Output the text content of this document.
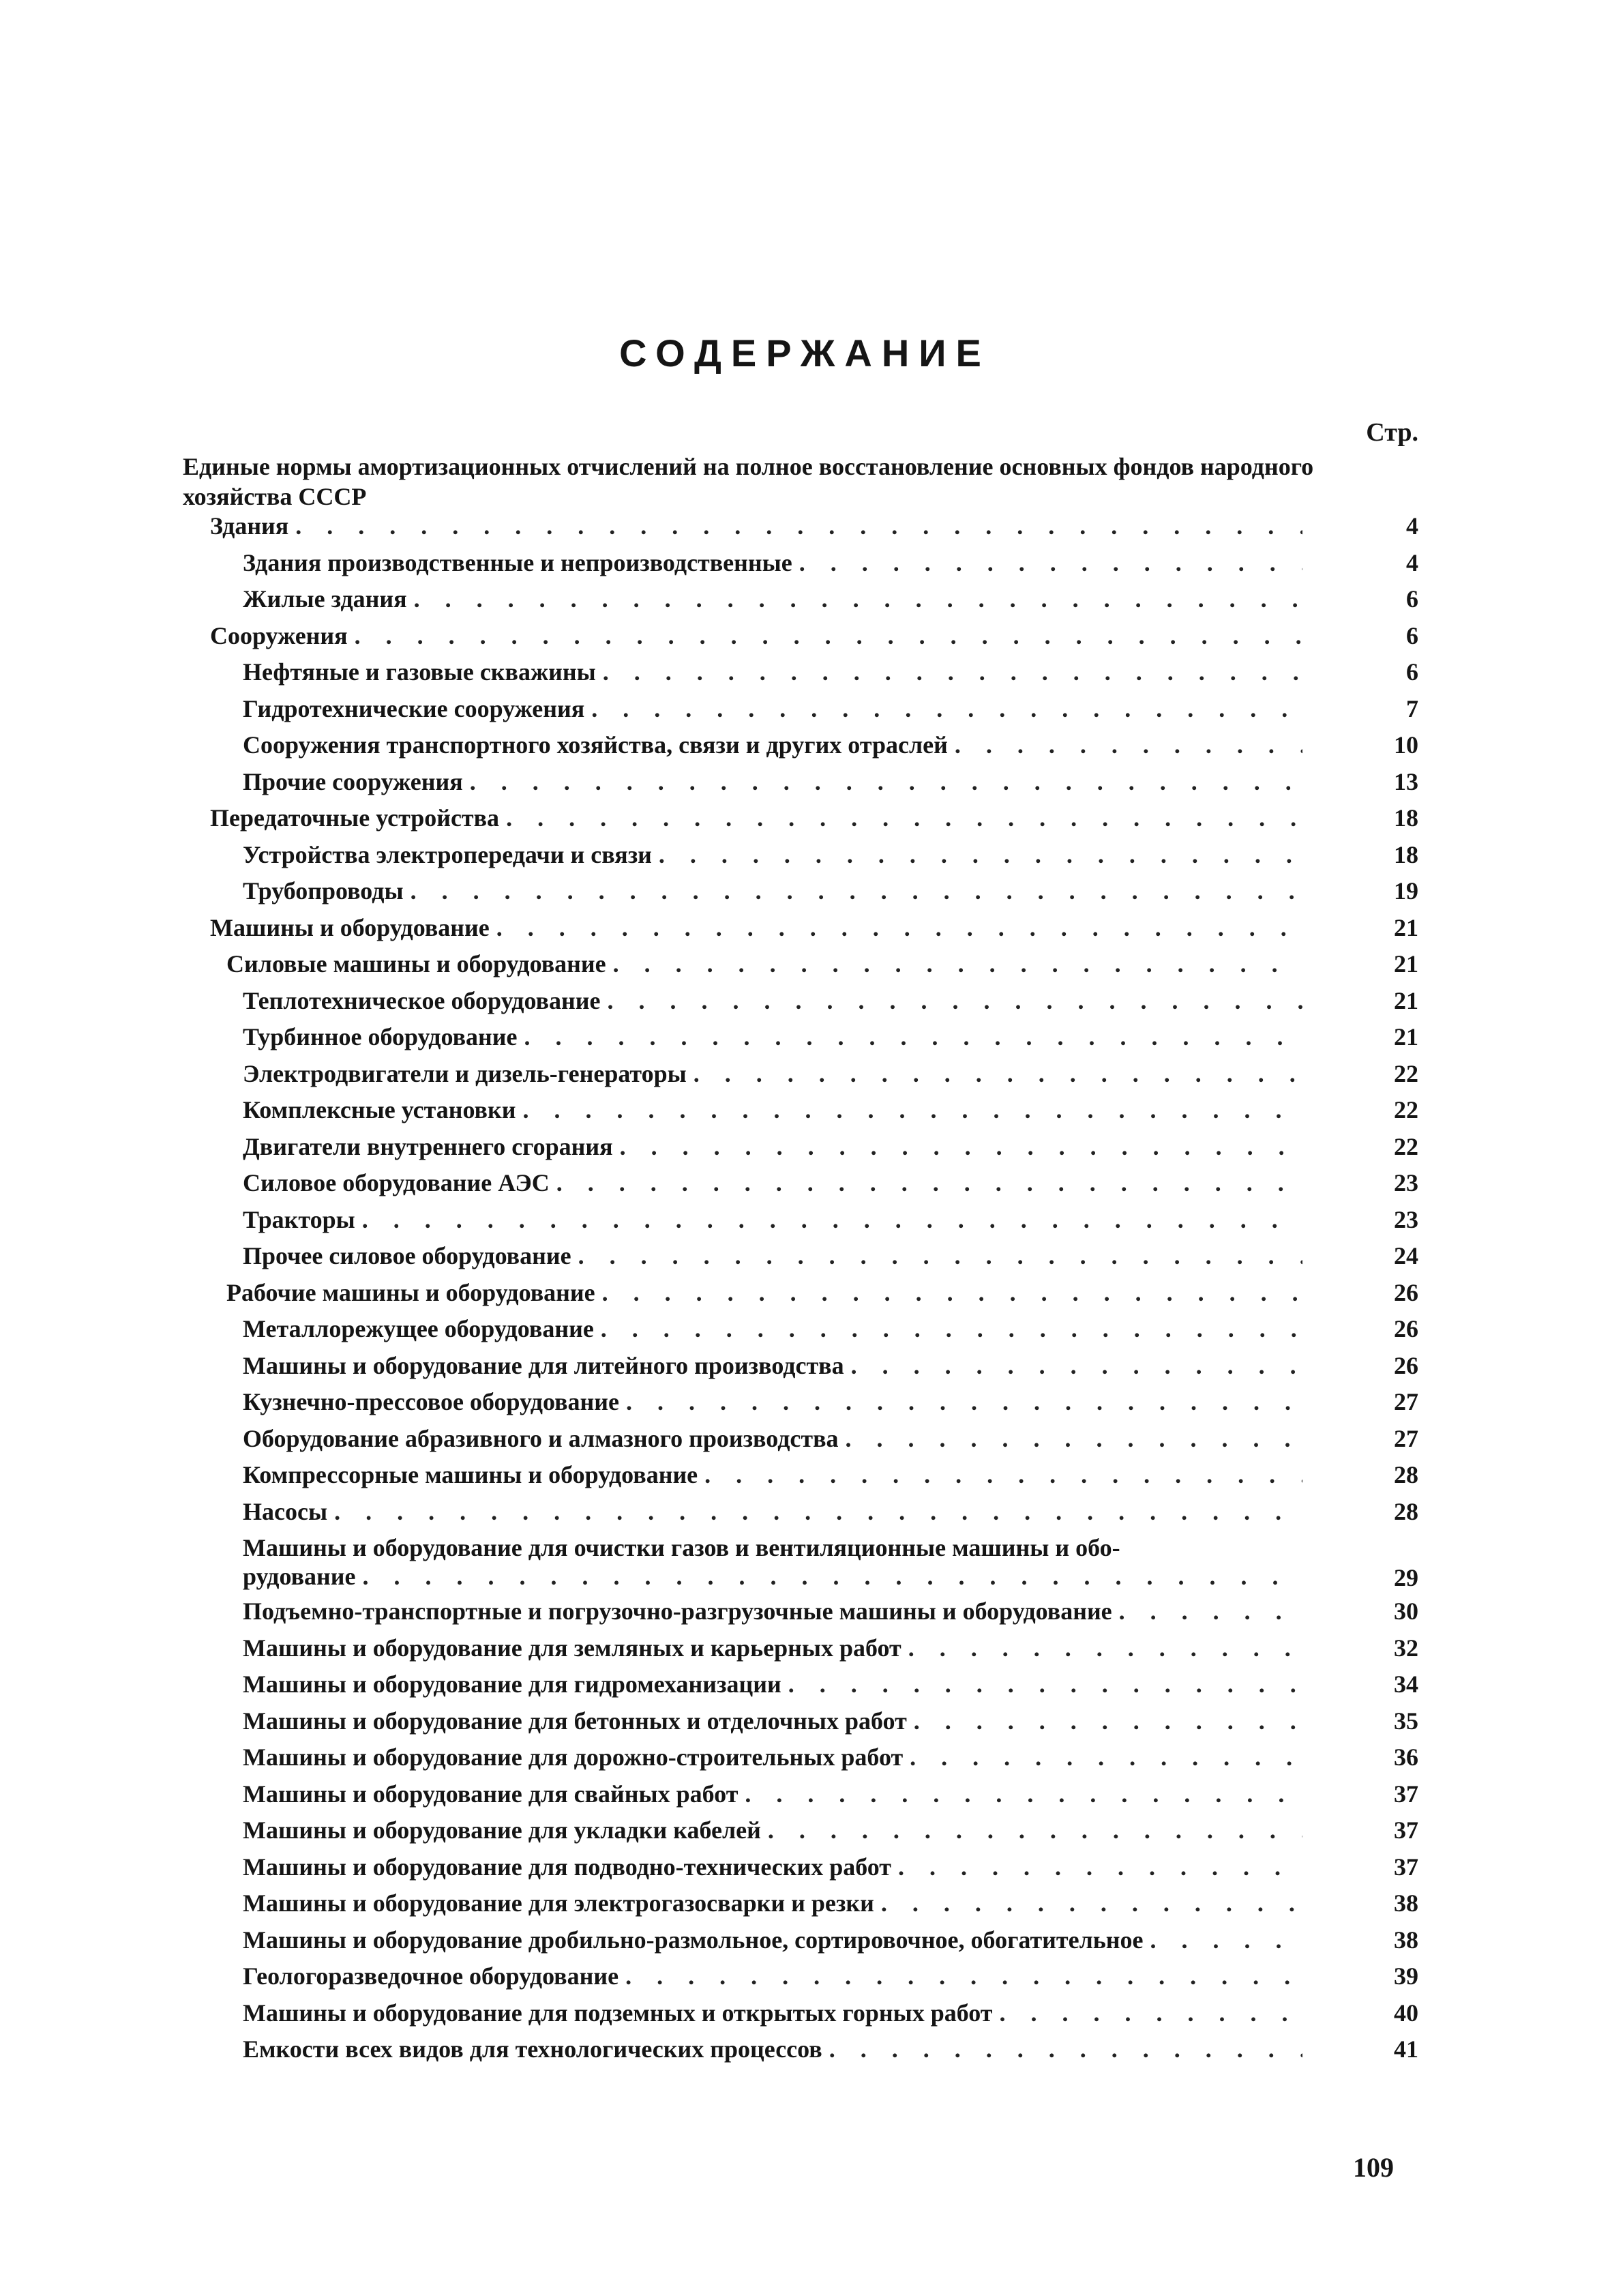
СОДЕРЖАНИЕ
Стр.
Единые нормы амортизационных отчислений на полное восстановление основных фондов народного хозяйства СССР
Здания . . .	4
Здания производственные и непроизводственные . . .	4
Жилые здания . . .	6
Сооружения . . .	6
Нефтяные и газовые скважины . . .	6
Гидротехнические сооружения . . .	7
Сооружения транспортного хозяйства, связи и других отраслей . . .	10
Прочие сооружения . . .	13
Передаточные устройства . . .	18
Устройства электропередачи и связи . . .	18
Трубопроводы . . .	19
Машины и оборудование . . .	21
Силовые машины и оборудование . . .	21
Теплотехническое оборудование . . .	21
Турбинное оборудование . . .	21
Электродвигатели и дизель-генераторы . . .	22
Комплексные установки . . .	22
Двигатели внутреннего сгорания . . .	22
Силовое оборудование АЭС . . .	23
Тракторы . . .	23
Прочее силовое оборудование . . .	24
Рабочие машины и оборудование . . .	26
Металлорежущее оборудование . . .	26
Машины и оборудование для литейного производства . . .	26
Кузнечно-прессовое оборудование . . .	27
Оборудование абразивного и алмазного производства . . .	27
Компрессорные машины и оборудование . . .	28
Насосы . . .	28
Машины и оборудование для очистки газов и вентиляционные машины и обо-
рудование . . .	29
Подъемно-транспортные и погрузочно-разгрузочные машины и оборудование . . .	30
Машины и оборудование для земляных и карьерных работ . . .	32
Машины и оборудование для гидромеханизации . . .	34
Машины и оборудование для бетонных и отделочных работ . . .	35
Машины и оборудование для дорожно-строительных работ . . .	36
Машины и оборудование для свайных работ . . .	37
Машины и оборудование для укладки кабелей . . .	37
Машины и оборудование для подводно-технических работ . . .	37
Машины и оборудование для электрогазосварки и резки . . .	38
Машины и оборудование дробильно-размольное, сортировочное, обогатительное . . .	38
Геологоразведочное оборудование . . .	39
Машины и оборудование для подземных и открытых горных работ . . .	40
Емкости всех видов для технологических процессов . . .	41
109
